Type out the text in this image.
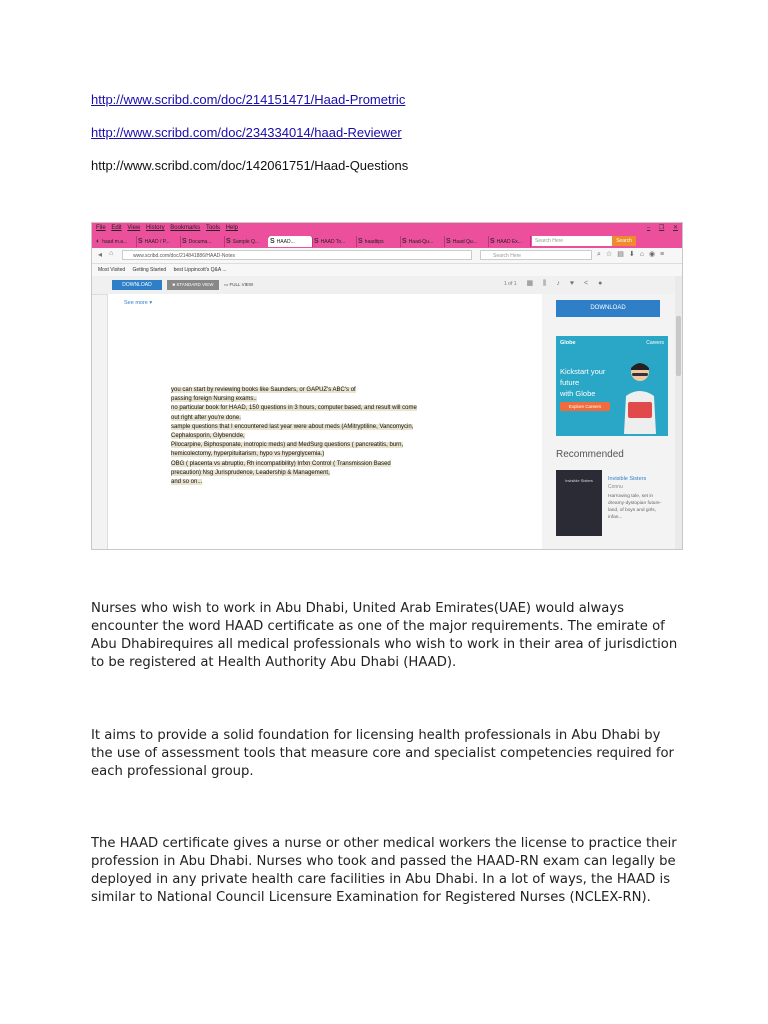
http://www.scribd.com/doc/214151471/Haad-Prometric

http://www.scribd.com/doc/234334014/haad-Reviewer

http://www.scribd.com/doc/142061751/Haad-Questions

File Edit View History Bookmarks Tools Help	– ❐ ✕
◐ haad m.a...	S HAAD / P...	S Documa...	S Sample Q...	S HAAD...	S HAAD To...	S haadtips	S Haad-Qu...	S Haad Qu...	S HAAD Ex...	Search Here	Search
◂ ⌂	www.scribd.com/doc/214841886/HAAD-Notes	Search Here	⌕ ☆ ▤ ⬇ ⌂ ◉ ≡
Most Visited Getting Started best Lippincott's Q&A ...
DOWNLOAD	■ STANDARD VIEW	▭ FULL VIEW	1 of 1 ▦ ⫼ ♪ ♥ < ●
See more ▾
you can start by reviewing books like Saunders, or GAPUZ's ABC's of
passing foreign Nursing exams..
no particular book for HAAD, 150 questions in 3 hours, computer based, and result will come
out right after you're done.
sample questions that I encountered last year were about meds (AMitryptiline, Vancomycin,
Cephalosporin, Glybenclde,
Pilocarpine, Biphosponate, inotropic meds) and MedSurg questions ( pancreatitis, burn,
hemicolectomy, hyperpituitarism, hypo vs hyperglycemia.)
OBG ( placenta vs abruptio, Rh incompatibility) Infxn Control ( Transmission Based
precaution) Nsg Jurisprudence, Leadership & Management,
and so on...
DOWNLOAD
Globe	Careers
Kickstart your
future
with Globe
Explore Careers
Recommended
Invisible Sisters	Invisible Sisters
Connu
Harrowing tale, set in dreamy-dystopian future-land, of boys and girls, infan...

Nurses who wish to work in Abu Dhabi, United Arab Emirates(UAE) would always encounter the word HAAD certificate as one of the major requirements. The emirate of Abu Dhabirequires all medical professionals who wish to work in their area of jurisdiction to be registered at Health Authority Abu Dhabi (HAAD).

It aims to provide a solid foundation for licensing health professionals in Abu Dhabi by the use of assessment tools that measure core and specialist competencies required for each professional group.

The HAAD certificate gives a nurse or other medical workers the license to practice their profession in Abu Dhabi. Nurses who took and passed the HAAD-RN exam can legally be deployed in any private health care facilities in Abu Dhabi. In a lot of ways, the HAAD is similar to National Council Licensure Examination for Registered Nurses (NCLEX-RN).
